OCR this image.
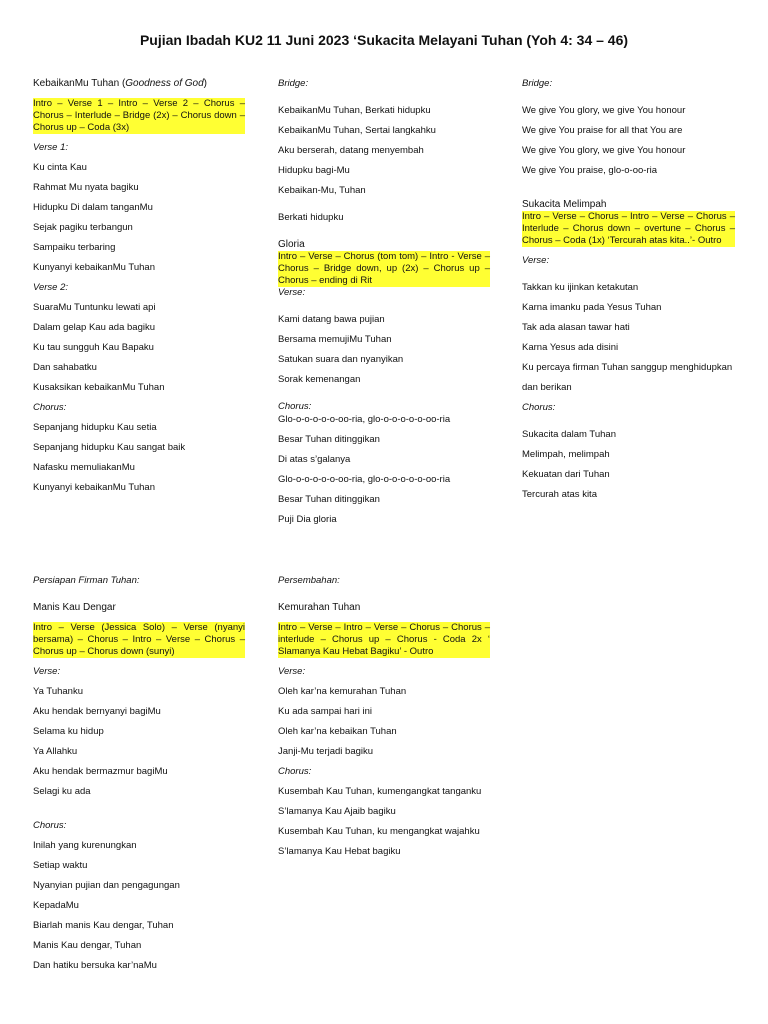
Pujian Ibadah KU2 11 Juni 2023 ‘Sukacita Melayani Tuhan (Yoh 4: 34 – 46)
KebaikanMu Tuhan (Goodness of God)
Intro – Verse 1 – Intro – Verse 2 – Chorus – Chorus – Interlude – Bridge (2x) – Chorus down – Chorus up – Coda (3x)
Verse 1:
Ku cinta Kau
Rahmat Mu nyata bagiku
Hidupku Di dalam tanganMu
Sejak pagiku terbangun
Sampaiku terbaring
Kunyanyi kebaikanMu Tuhan
Verse 2:
SuaraMu Tuntunku lewati api
Dalam gelap Kau ada bagiku
Ku tau sungguh Kau Bapaku
Dan sahabatku
Kusaksikan kebaikanMu Tuhan
Chorus:
Sepanjang hidupku Kau setia
Sepanjang hidupku Kau sangat baik
Nafasku memuliakanMu
Kunyanyi kebaikanMu Tuhan
Bridge:
KebaikanMu Tuhan, Berkati hidupku
KebaikanMu Tuhan, Sertai langkahku
Aku berserah, datang menyembah
Hidupku bagi-Mu
Kebaikan-Mu, Tuhan
Berkati hidupku
Gloria
Intro – Verse – Chorus (tom tom) – Intro - Verse – Chorus – Bridge down, up (2x) – Chorus up – Chorus – ending di Rit
Verse:
Kami datang bawa pujian
Bersama memujiMu Tuhan
Satukan suara dan nyanyikan
Sorak kemenangan
Chorus:
Glo-o-o-o-o-o-oo-ria, glo-o-o-o-o-o-oo-ria
Besar Tuhan ditinggikan
Di atas s’galanya
Glo-o-o-o-o-o-oo-ria, glo-o-o-o-o-o-oo-ria
Besar Tuhan ditinggikan
Puji Dia gloria
Bridge:
We give You glory, we give You honour
We give You praise for all that You are
We give You glory, we give You honour
We give You praise, glo-o-oo-ria
Sukacita Melimpah
Intro – Verse – Chorus – Intro – Verse – Chorus – Interlude – Chorus down – overtune – Chorus – Chorus – Coda (1x) ‘Tercurah atas kita..’- Outro
Verse:
Takkan ku ijinkan ketakutan
Karna imanku pada Yesus Tuhan
Tak ada alasan tawar hati
Karna Yesus ada disini
Ku percaya firman Tuhan sanggup menghidupkan
dan berikan
Chorus:
Sukacita dalam Tuhan
Melimpah, melimpah
Kekuatan dari Tuhan
Tercurah atas kita
Persiapan Firman Tuhan:
Manis Kau Dengar
Intro – Verse (Jessica Solo) – Verse (nyanyi bersama) – Chorus – Intro – Verse – Chorus – Chorus up – Chorus down (sunyi)
Verse:
Ya Tuhanku
Aku hendak bernyanyi bagiMu
Selama ku hidup
Ya Allahku
Aku hendak bermazmur bagiMu
Selagi ku ada
Chorus:
Inilah yang kurenungkan
Setiap waktu
Nyanyian pujian dan pengagungan
KepadaMu
Biarlah manis Kau dengar, Tuhan
Manis Kau dengar, Tuhan
Dan hatiku bersuka kar’naMu
Persembahan:
Kemurahan Tuhan
Intro – Verse – Intro – Verse – Chorus – Chorus – interlude – Chorus up – Chorus - Coda 2x ‘ Slamanya Kau Hebat Bagiku’ - Outro
Verse:
Oleh kar’na kemurahan Tuhan
Ku ada sampai hari ini
Oleh kar’na kebaikan Tuhan
Janji-Mu terjadi bagiku
Chorus:
Kusembah Kau Tuhan, kumengangkat tanganku
S’lamanya Kau Ajaib bagiku
Kusembah Kau Tuhan, ku mengangkat wajahku
S’lamanya Kau Hebat bagiku
